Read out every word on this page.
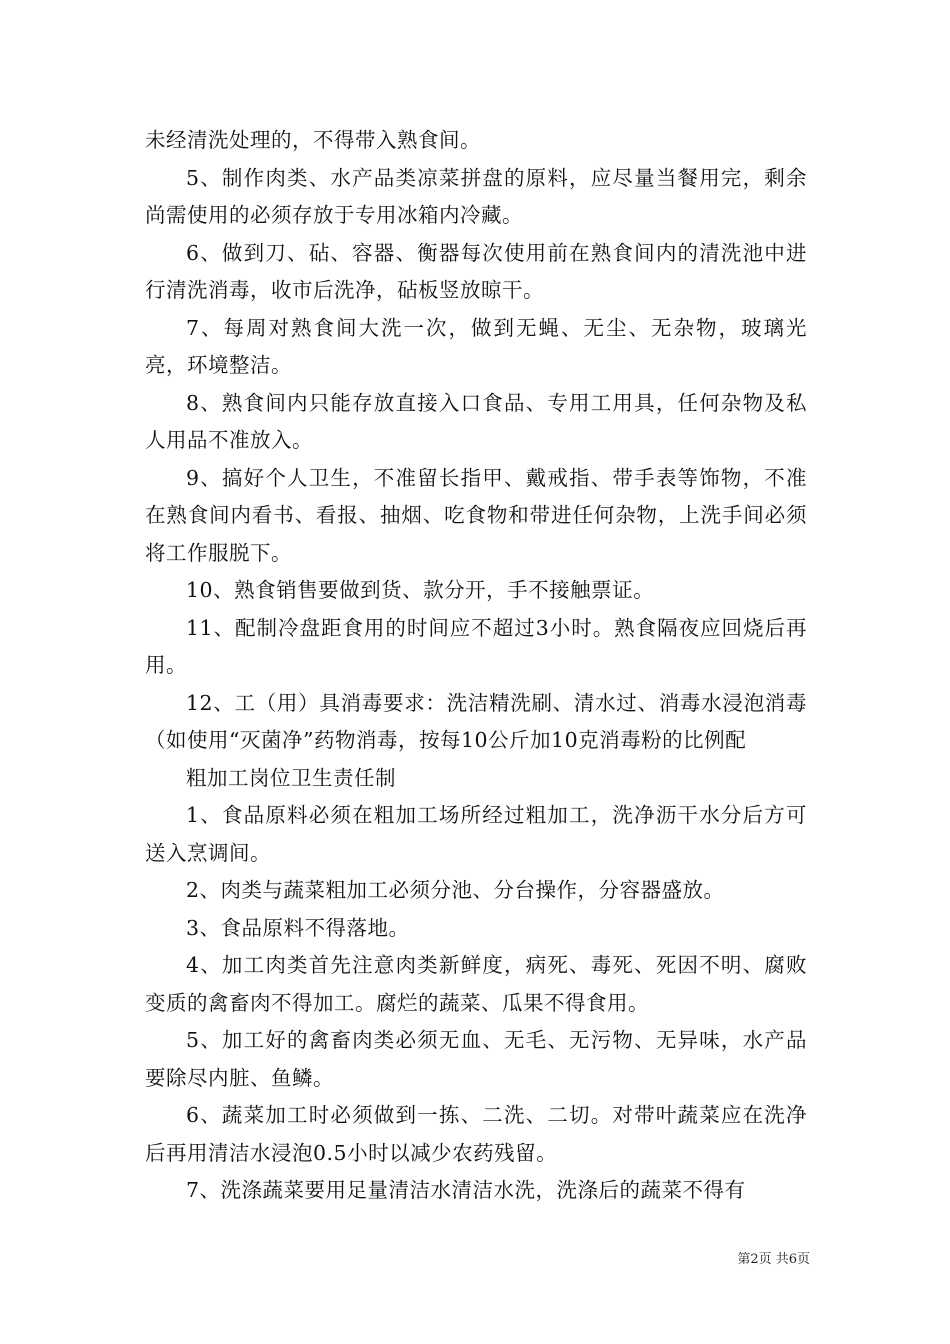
未经清洗处理的，不得带入熟食间。

5、制作肉类、水产品类凉菜拼盘的原料，应尽量当餐用完，剩余尚需使用的必须存放于专用冰箱内冷藏。

6、做到刀、砧、容器、衡器每次使用前在熟食间内的清洗池中进行清洗消毒，收市后洗净，砧板竖放晾干。

7、每周对熟食间大洗一次，做到无蝇、无尘、无杂物，玻璃光亮，环境整洁。

8、熟食间内只能存放直接入口食品、专用工用具，任何杂物及私人用品不准放入。

9、搞好个人卫生，不准留长指甲、戴戒指、带手表等饰物，不准在熟食间内看书、看报、抽烟、吃食物和带进任何杂物，上洗手间必须将工作服脱下。

10、熟食销售要做到货、款分开，手不接触票证。

11、配制冷盘距食用的时间应不超过3小时。熟食隔夜应回烧后再用。

12、工（用）具消毒要求：洗洁精洗刷、清水过、消毒水浸泡消毒（如使用“灭菌净”药物消毒，按每10公斤加10克消毒粉的比例配

粗加工岗位卫生责任制

1、食品原料必须在粗加工场所经过粗加工，洗净沥干水分后方可送入烹调间。

2、肉类与蔬菜粗加工必须分池、分台操作，分容器盛放。

3、食品原料不得落地。

4、加工肉类首先注意肉类新鲜度，病死、毒死、死因不明、腐败变质的禽畜肉不得加工。腐烂的蔬菜、瓜果不得食用。

5、加工好的禽畜肉类必须无血、无毛、无污物、无异味，水产品要除尽内脏、鱼鳞。

6、蔬菜加工时必须做到一拣、二洗、二切。对带叶蔬菜应在洗净后再用清洁水浸泡0.5小时以减少农药残留。

7、洗涤蔬菜要用足量清洁水清洁水洗，洗涤后的蔬菜不得有

第2页 共6页
